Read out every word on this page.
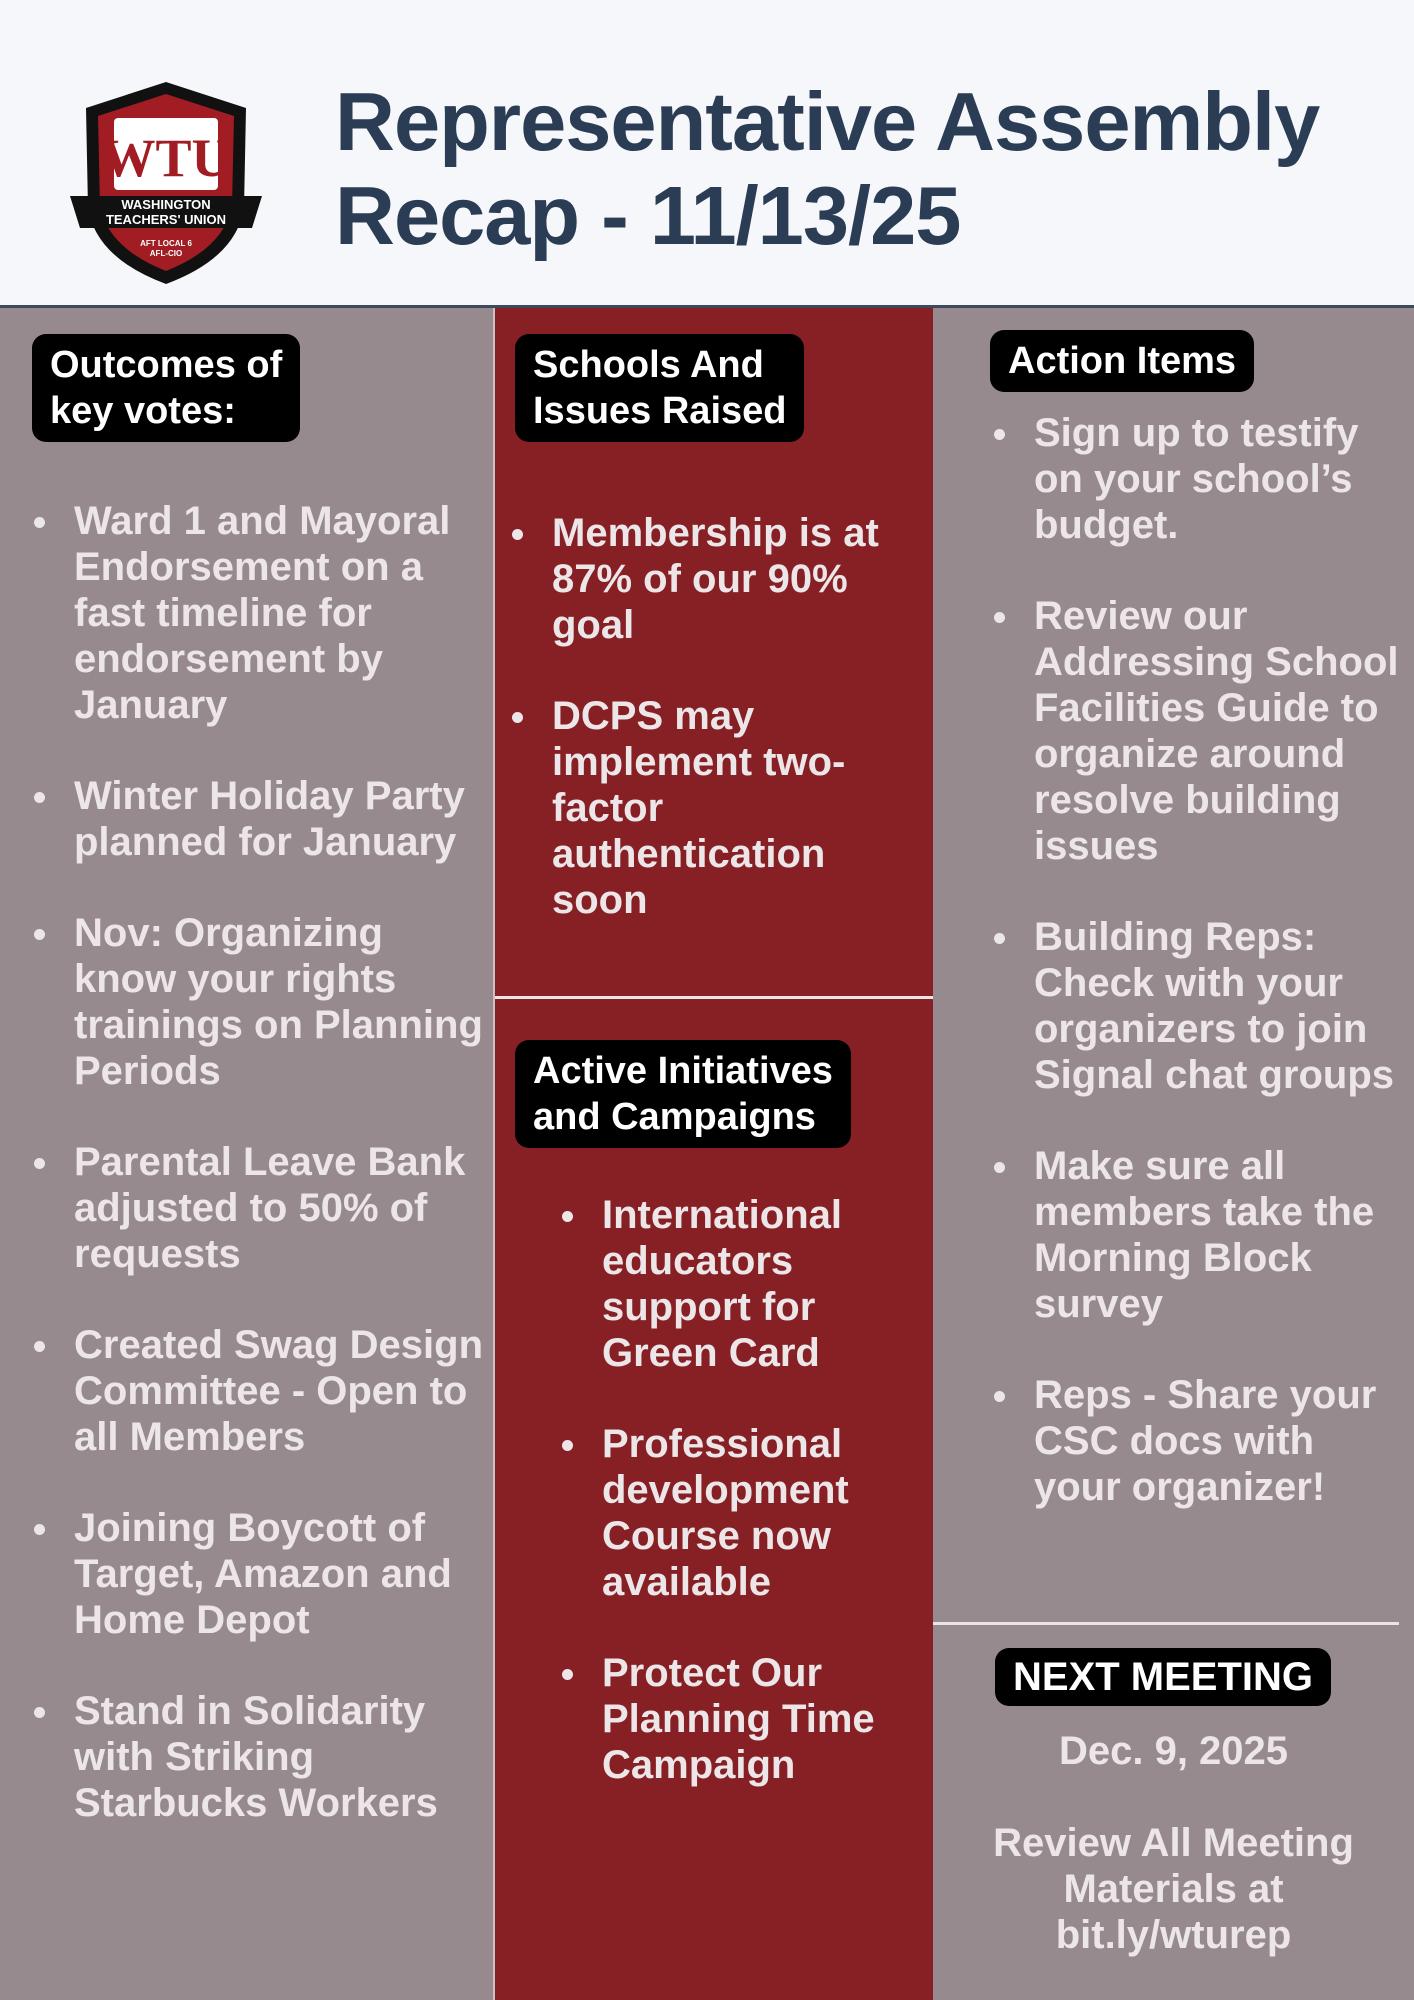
WTU
WASHINGTON
TEACHERS' UNION
AFT LOCAL 6
AFL-CIO
Representative Assembly
Recap - 11/13/25
Outcomes of
key votes:
Ward 1 and Mayoral Endorsement on a fast timeline for endorsement by January
Winter Holiday Party planned for January
Nov: Organizing know your rights trainings on Planning Periods
Parental Leave Bank adjusted to 50% of requests
Created Swag Design Committee - Open to all Members
Joining Boycott of Target, Amazon and Home Depot
Stand in Solidarity with Striking Starbucks Workers
Schools And
Issues Raised
Membership is at 87% of our 90% goal
DCPS may implement two-factor authentication soon
Active Initiatives
and Campaigns
International educators support for Green Card
Professional development Course now available
Protect Our Planning Time Campaign
Action Items
Sign up to testify on your school’s budget.
Review our Addressing School Facilities Guide to organize around resolve building issues
Building Reps: Check with your organizers to join Signal chat groups
Make sure all members take the Morning Block survey
Reps - Share your CSC docs with your organizer!
NEXT MEETING
Dec. 9, 2025
Review All Meeting
Materials at
bit.ly/wturep
